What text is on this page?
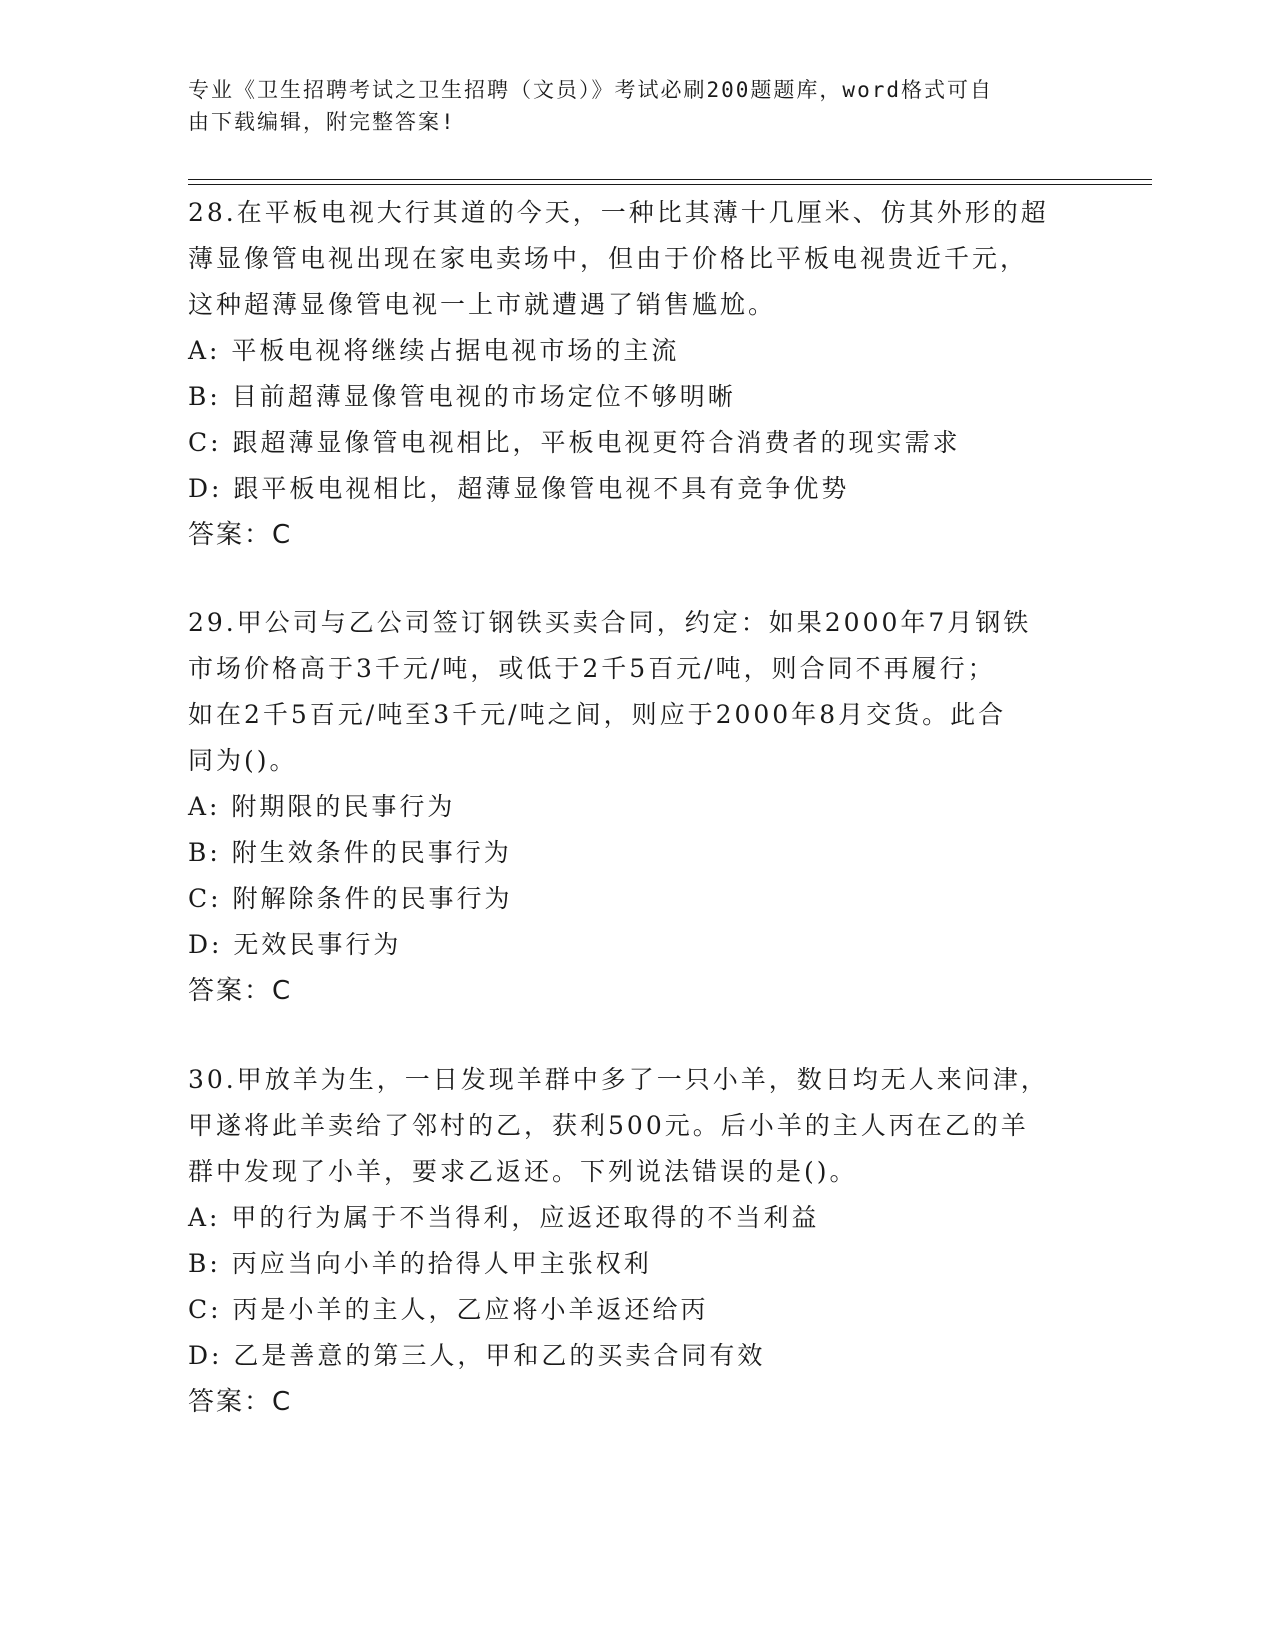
专业《卫生招聘考试之卫生招聘（文员）》考试必刷200题题库，word格式可自
由下载编辑，附完整答案!
28.在平板电视大行其道的今天，一种比其薄十几厘米、仿其外形的超
薄显像管电视出现在家电卖场中，但由于价格比平板电视贵近千元，
这种超薄显像管电视一上市就遭遇了销售尴尬。
A: 平板电视将继续占据电视市场的主流
B: 目前超薄显像管电视的市场定位不够明晰
C: 跟超薄显像管电视相比，平板电视更符合消费者的现实需求
D: 跟平板电视相比，超薄显像管电视不具有竞争优势
答案：C
29.甲公司与乙公司签订钢铁买卖合同，约定：如果2000年7月钢铁
市场价格高于3千元/吨，或低于2千5百元/吨，则合同不再履行；
如在2千5百元/吨至3千元/吨之间，则应于2000年8月交货。此合
同为()。
A: 附期限的民事行为
B: 附生效条件的民事行为
C: 附解除条件的民事行为
D: 无效民事行为
答案：C
30.甲放羊为生，一日发现羊群中多了一只小羊，数日均无人来问津，
甲遂将此羊卖给了邻村的乙，获利500元。后小羊的主人丙在乙的羊
群中发现了小羊，要求乙返还。下列说法错误的是()。
A: 甲的行为属于不当得利，应返还取得的不当利益
B: 丙应当向小羊的拾得人甲主张权利
C: 丙是小羊的主人，乙应将小羊返还给丙
D: 乙是善意的第三人，甲和乙的买卖合同有效
答案：C
